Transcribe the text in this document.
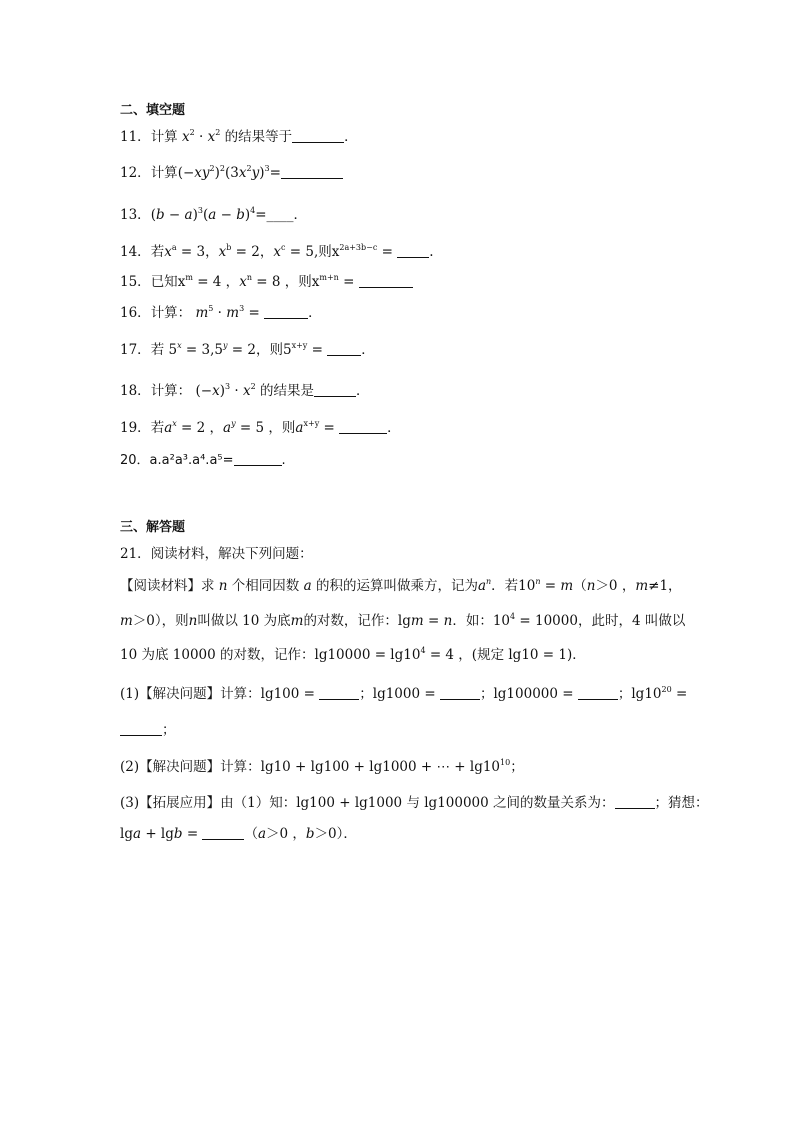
二、填空题
11．计算 $x^2 \cdot x^2$ 的结果等于	．
12．计算$(-xy^2)^2(3x^2y)^3=$
13．$(b - a)^3(a$ − $b)^4=\_\_\_\_$．
14．若$x^a = 3$，$x^b = 2$，$x^c = 5$,则$x^{2a+3b-c}$ = .
15．已知$x^m = 4$ ，$x^n = 8$ ，则$x^{m+n}$ =
16．计算： $m^5 \cdot m^3$ =	．
17．若 $5^x = 3,5^y = 2$，则$5^{x+y}$ =	．
18．计算： $(-x)^3 \cdot x^2$ 的结果是	．
19．若$a^x = 2$ ，$a^y = 5$ ，则$a^{x+y}$ =	．
20．a.a²a³.a⁴.a⁵=	.
三、解答题
21．阅读材料，解决下列问题：
【阅读材料】求 n 个相同因数 a 的积的运算叫做乘方，记为$a^n$．若$10^n = m(n>0$ ，m≠1，
m＞0），则n叫做以 10 为底m的对数，记作：lgm = n．如：$10^4 = 10000$，此时，4 叫做以
10 为底 10000 的对数，记作：$\lg 10000 = \lg 10^4 = 4$ ，(规定 lg10 = 1)．
(1)【解决问题】计算：lg100 =	；lg1000 =	；lg100000 =	；$\lg 10^{20}$ =
；
(2)【解决问题】计算：lg10 + lg100 + lg1000 + ⋯ + $\lg 10^{10}$；
(3)【拓展应用】由（1）知：lg100 + lg1000 与 lg100000 之间的数量关系为：	；猜想：
lga + lgb =	（a＞0 ，b＞0）．
